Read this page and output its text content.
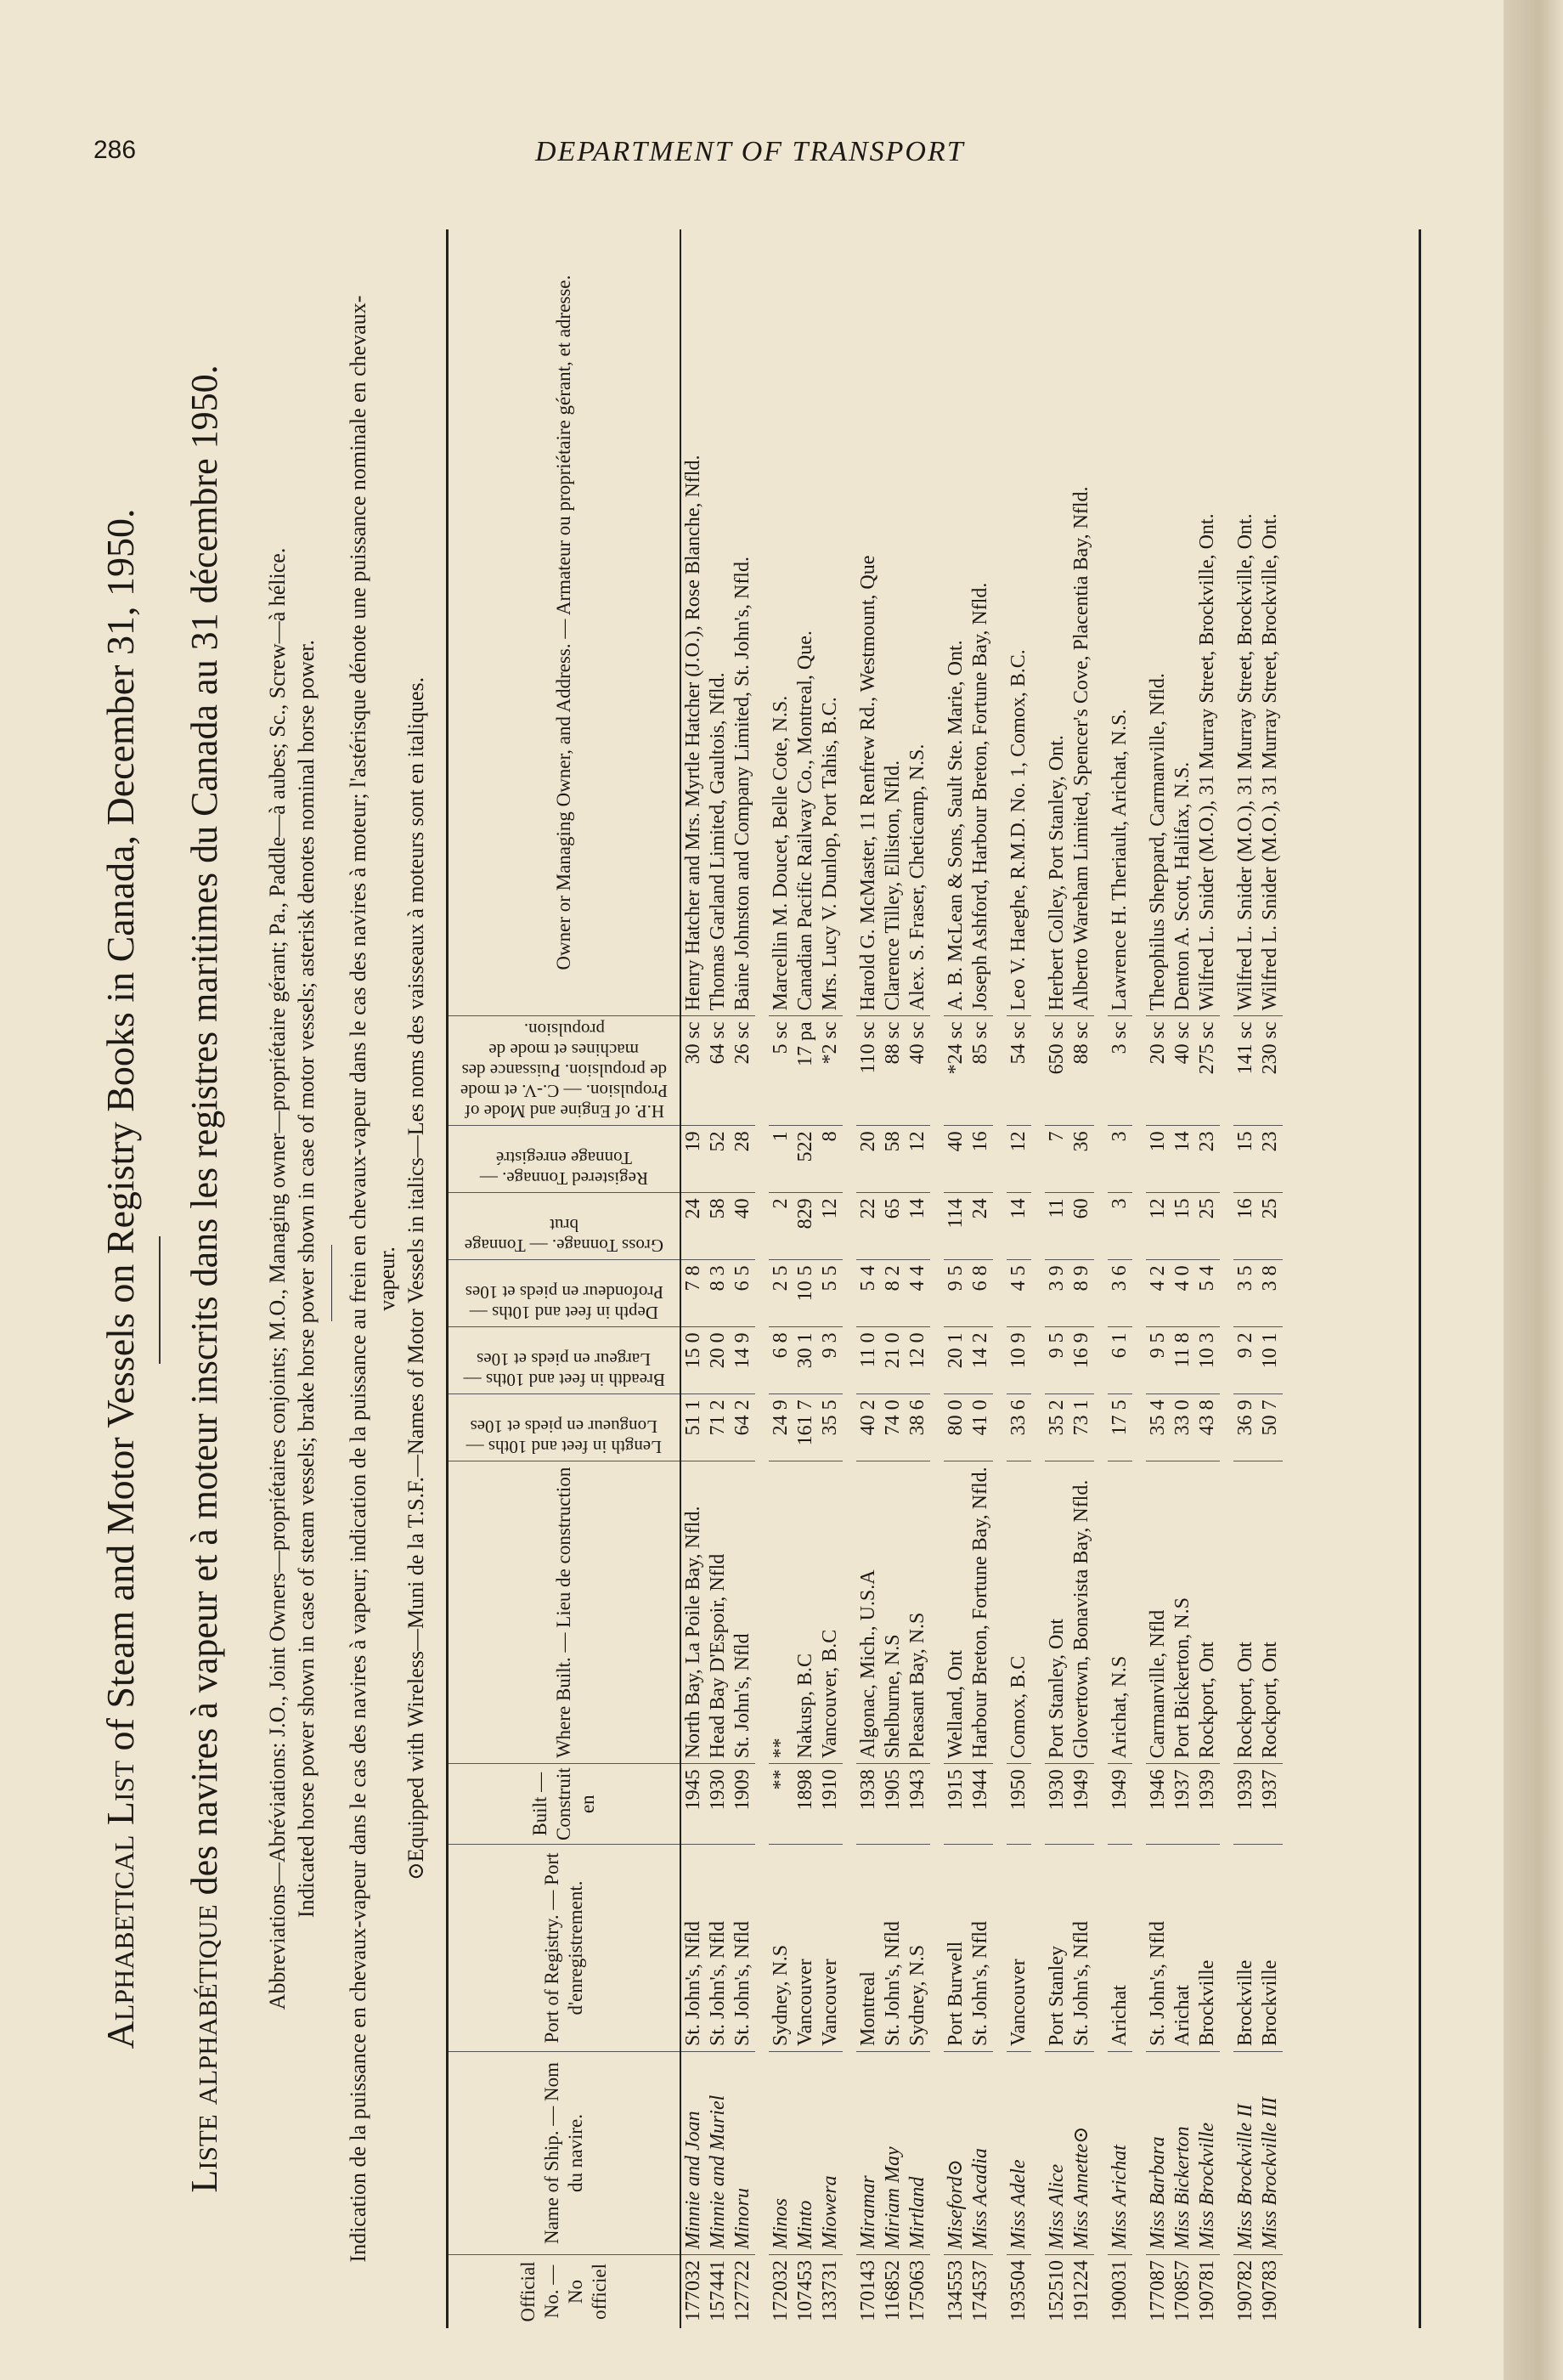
286	DEPARTMENT OF TRANSPORT
Alphabetical List of Steam and Motor Vessels on Registry Books in Canada, December 31, 1950.
Liste alphabétique des navires à vapeur et à moteur inscrits dans les registres maritimes du Canada au 31 décembre 1950. Abbreviations—Abréviations: J.O., Joint Owners—propriétaires conjoints; M.O., Managing owner—propriétaire gérant; Pa., Paddle—à aubes; Sc., Screw—à hélice. Indicated horse power shown in case of steam vessels; brake horse power shown in case of motor vessels; asterisk denotes nominal horse power. Indication de la puissance en chevaux-vapeur dans le cas des navires à vapeur; indication de la puissance au frein en chevaux-vapeur dans le cas des navires à moteur; l'astérisque dénote une puissance nominale en chevaux-vapeur. ⊙Equipped with Wireless—Muni de la T.S.F.—Names of Motor Vessels in italics—Les noms des vaisseaux à moteurs sont en italiques.
Official No. — No officiel	Name of Ship. — Nom du navire.	Port of Registry. — Port d'enregistrement.	Built — Construit en	Where Built. — Lieu de construction	Length in feet and 10ths — Longueur en pieds et 10es	Breadth in feet and 10ths — Largeur en pieds et 10es	Depth in feet and 10ths — Profondeur en pieds et 10es	Gross Tonnage. — Tonnage brut	Registered Tonnage. — Tonnage enregistré	H.P. of Engine and Mode of Propulsion. — C.-V. et mode de propulsion. Puissance des machines et mode de propulsion.	Owner or Managing Owner, and Address. — Armateur ou propriétaire gérant, et adresse.
177032	Minnie and Joan	St. John's, Nfld	1945	North Bay, La Poile Bay, Nfld.	51 1	15 0	7 8	24	19	30 sc	Henry Hatcher and Mrs. Myrtle Hatcher (J.O.), Rose Blanche, Nfld.
157441	Minnie and Muriel	St. John's, Nfld	1930	Head Bay D'Espoir, Nfld	71 2	20 0	8 3	58	52	64 sc	Thomas Garland Limited, Gaultois, Nfld.
127722	Minoru	St. John's, Nfld	1909	St. John's, Nfld	64 2	14 9	6 5	40	28	26 sc	Baine Johnston and Company Limited, St. John's, Nfld.

172032	Minos	Sydney, N.S	**	**	24 9	6 8	2 5	2	1	5 sc	Marcellin M. Doucet, Belle Cote, N.S.
107453	Minto	Vancouver	1898	Nakusp, B.C	161 7	30 1	10 5	829	522	17 pa	Canadian Pacific Railway Co., Montreal, Que.
133731	Miowera	Vancouver	1910	Vancouver, B.C	35 5	9 3	5 5	12	8	*2 sc	Mrs. Lucy V. Dunlop, Port Tahis, B.C.

170143	Miramar	Montreal	1938	Algonac, Mich., U.S.A	40 2	11 0	5 4	22	20	110 sc	Harold G. McMaster, 11 Renfrew Rd., Westmount, Que
116852	Miriam May	St. John's, Nfld	1905	Shelburne, N.S	74 0	21 0	8 2	65	58	88 sc	Clarence Tilley, Elliston, Nfld.
175063	Mirtland	Sydney, N.S	1943	Pleasant Bay, N.S	38 6	12 0	4 4	14	12	40 sc	Alex. S. Fraser, Cheticamp, N.S.

134553	Miseford⊙	Port Burwell	1915	Welland, Ont	80 0	20 1	9 5	114	40	*24 sc	A. B. McLean & Sons, Sault Ste. Marie, Ont.
174537	Miss Acadia	St. John's, Nfld	1944	Harbour Breton, Fortune Bay, Nfld.	41 0	14 2	6 8	24	16	85 sc	Joseph Ashford, Harbour Breton, Fortune Bay, Nfld.

193504	Miss Adele	Vancouver	1950	Comox, B.C	33 6	10 9	4 5	14	12	54 sc	Leo V. Haeghe, R.M.D. No. 1, Comox, B.C.

152510	Miss Alice	Port Stanley	1930	Port Stanley, Ont	35 2	9 5	3 9	11	7	650 sc	Herbert Colley, Port Stanley, Ont.
191224	Miss Annette⊙	St. John's, Nfld	1949	Glovertown, Bonavista Bay, Nfld.	73 1	16 9	8 9	60	36	88 sc	Alberto Wareham Limited, Spencer's Cove, Placentia Bay, Nfld.

190031	Miss Arichat	Arichat	1949	Arichat, N.S	17 5	6 1	3 6	3	3	3 sc	Lawrence H. Theriault, Arichat, N.S.

177087	Miss Barbara	St. John's, Nfld	1946	Carmanville, Nfld	35 4	9 5	4 2	12	10	20 sc	Theophilus Sheppard, Carmanville, Nfld.
170857	Miss Bickerton	Arichat	1937	Port Bickerton, N.S	33 0	11 8	4 0	15	14	40 sc	Denton A. Scott, Halifax, N.S.
190781	Miss Brockville	Brockville	1939	Rockport, Ont	43 8	10 3	5 4	25	23	275 sc	Wilfred L. Snider (M.O.), 31 Murray Street, Brockville, Ont.

190782	Miss Brockville II	Brockville	1939	Rockport, Ont	36 9	9 2	3 5	16	15	141 sc	Wilfred L. Snider (M.O.), 31 Murray Street, Brockville, Ont.
190783	Miss Brockville III	Brockville	1937	Rockport, Ont	50 7	10 1	3 8	25	23	230 sc	Wilfred L. Snider (M.O.), 31 Murray Street, Brockville, Ont.
